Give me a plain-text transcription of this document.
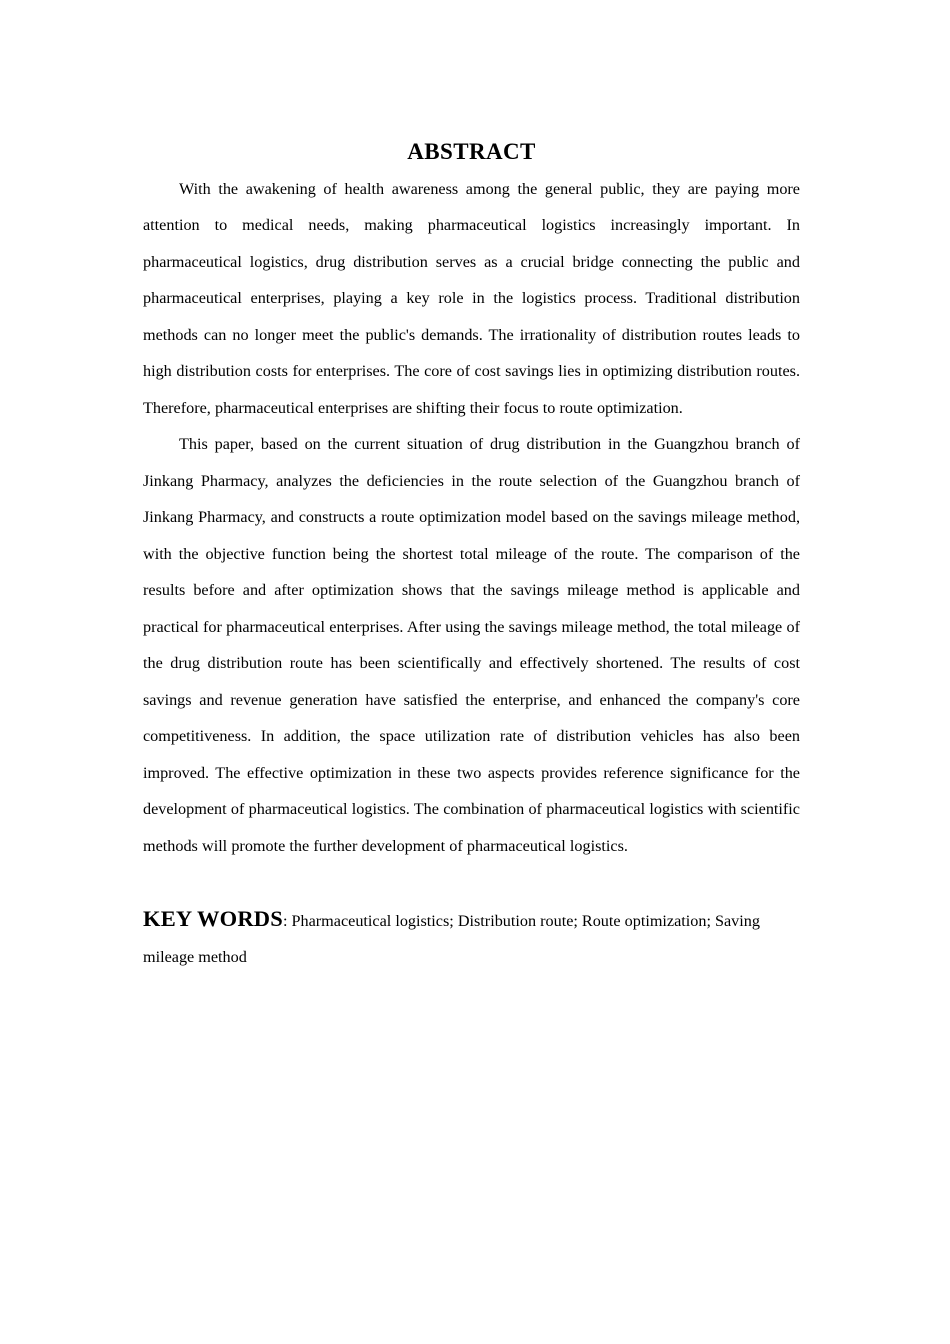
ABSTRACT

With the awakening of health awareness among the general public, they are paying more attention to medical needs, making pharmaceutical logistics increasingly important. In pharmaceutical logistics, drug distribution serves as a crucial bridge connecting the public and pharmaceutical enterprises, playing a key role in the logistics process. Traditional distribution methods can no longer meet the public's demands. The irrationality of distribution routes leads to high distribution costs for enterprises. The core of cost savings lies in optimizing distribution routes. Therefore, pharmaceutical enterprises are shifting their focus to route optimization.

This paper, based on the current situation of drug distribution in the Guangzhou branch of Jinkang Pharmacy, analyzes the deficiencies in the route selection of the Guangzhou branch of Jinkang Pharmacy, and constructs a route optimization model based on the savings mileage method, with the objective function being the shortest total mileage of the route. The comparison of the results before and after optimization shows that the savings mileage method is applicable and practical for pharmaceutical enterprises. After using the savings mileage method, the total mileage of the drug distribution route has been scientifically and effectively shortened. The results of cost savings and revenue generation have satisfied the enterprise, and enhanced the company's core competitiveness. In addition, the space utilization rate of distribution vehicles has also been improved. The effective optimization in these two aspects provides reference significance for the development of pharmaceutical logistics. The combination of pharmaceutical logistics with scientific methods will promote the further development of pharmaceutical logistics.

KEY WORDS: Pharmaceutical logistics; Distribution route; Route optimization; Saving mileage method
